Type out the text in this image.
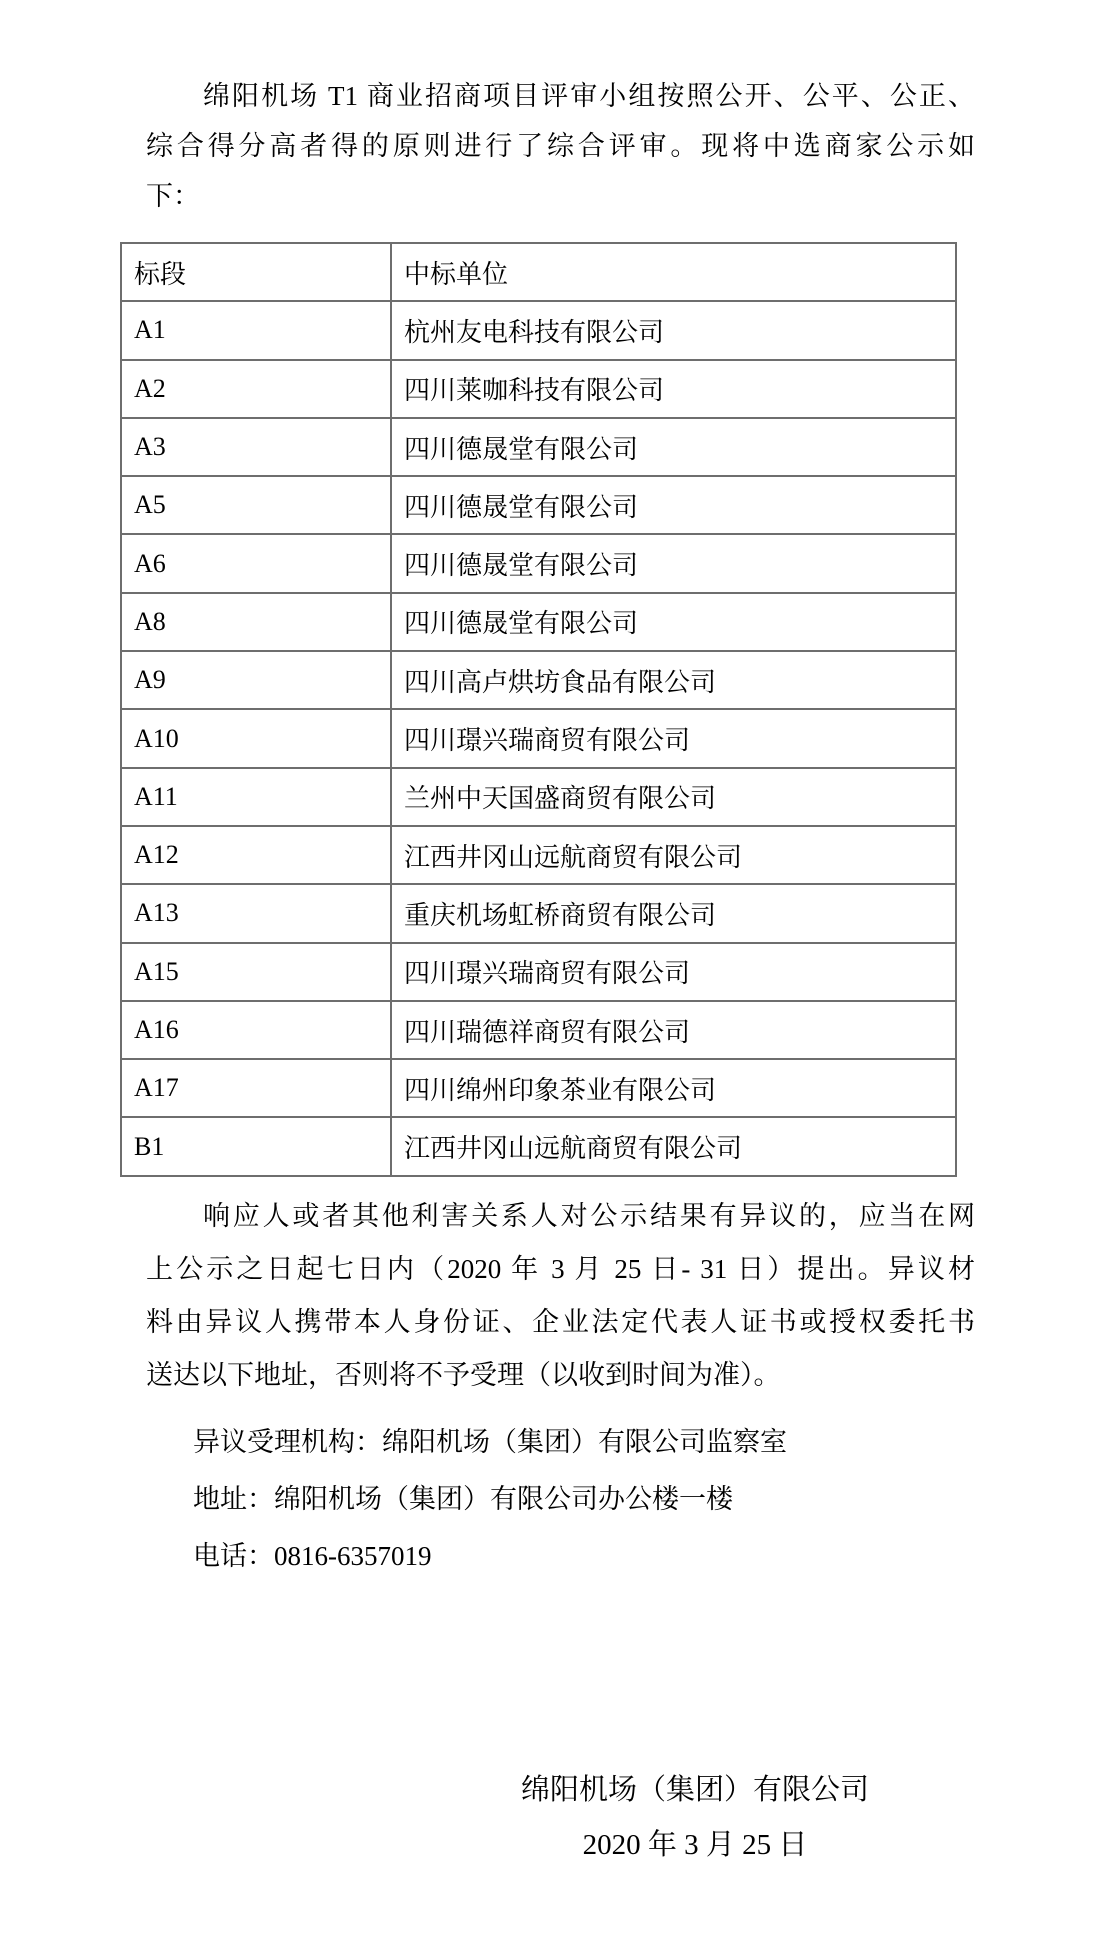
绵阳机场 T1 商业招商项目评审小组按照公开、公平、公正、
综合得分高者得的原则进行了综合评审。现将中选商家公示如
下：
标段	中标单位
A1	杭州友电科技有限公司
A2	四川莱咖科技有限公司
A3	四川德晟堂有限公司
A5	四川德晟堂有限公司
A6	四川德晟堂有限公司
A8	四川德晟堂有限公司
A9	四川高卢烘坊食品有限公司
A10	四川璟兴瑞商贸有限公司
A11	兰州中天国盛商贸有限公司
A12	江西井冈山远航商贸有限公司
A13	重庆机场虹桥商贸有限公司
A15	四川璟兴瑞商贸有限公司
A16	四川瑞德祥商贸有限公司
A17	四川绵州印象茶业有限公司
B1	江西井冈山远航商贸有限公司
响应人或者其他利害关系人对公示结果有异议的，应当在网
上公示之日起七日内（2020 年 3 月 25 日- 31 日）提出。异议材
料由异议人携带本人身份证、企业法定代表人证书或授权委托书
送达以下地址，否则将不予受理（以收到时间为准）。
异议受理机构：绵阳机场（集团）有限公司监察室
地址：绵阳机场（集团）有限公司办公楼一楼
电话：0816-6357019
绵阳机场（集团）有限公司
2020 年 3 月 25 日
